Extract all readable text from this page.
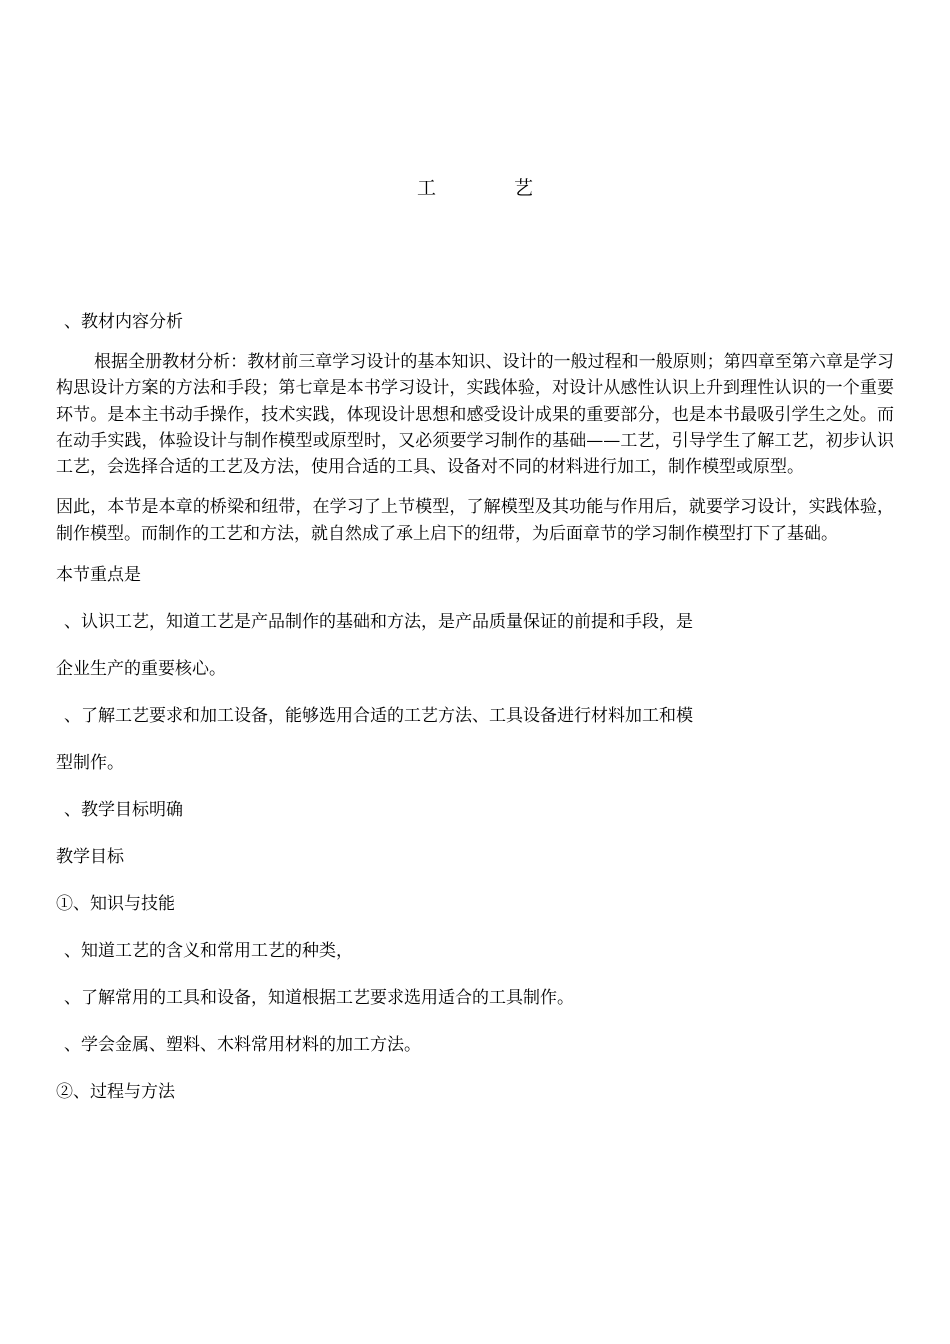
工 艺
、教材内容分析

根据全册教材分析：教材前三章学习设计的基本知识、设计的一般过程和一般原则；第四章至第六章是学习构思设计方案的方法和手段；第七章是本书学习设计，实践体验，对设计从感性认识上升到理性认识的一个重要环节。是本主书动手操作，技术实践，体现设计思想和感受设计成果的重要部分，也是本书最吸引学生之处。而在动手实践，体验设计与制作模型或原型时，又必须要学习制作的基础——工艺，引导学生了解工艺，初步认识工艺，会选择合适的工艺及方法，使用合适的工具、设备对不同的材料进行加工，制作模型或原型。

因此，本节是本章的桥梁和纽带，在学习了上节模型，了解模型及其功能与作用后，就要学习设计，实践体验，制作模型。而制作的工艺和方法，就自然成了承上启下的纽带，为后面章节的学习制作模型打下了基础。

本节重点是
、认识工艺，知道工艺是产品制作的基础和方法，是产品质量保证的前提和手段，是
企业生产的重要核心。
、了解工艺要求和加工设备，能够选用合适的工艺方法、工具设备进行材料加工和模
型制作。
、教学目标明确
教学目标
①、知识与技能
、知道工艺的含义和常用工艺的种类，
、了解常用的工具和设备，知道根据工艺要求选用适合的工具制作。
、学会金属、塑料、木料常用材料的加工方法。
②、过程与方法
